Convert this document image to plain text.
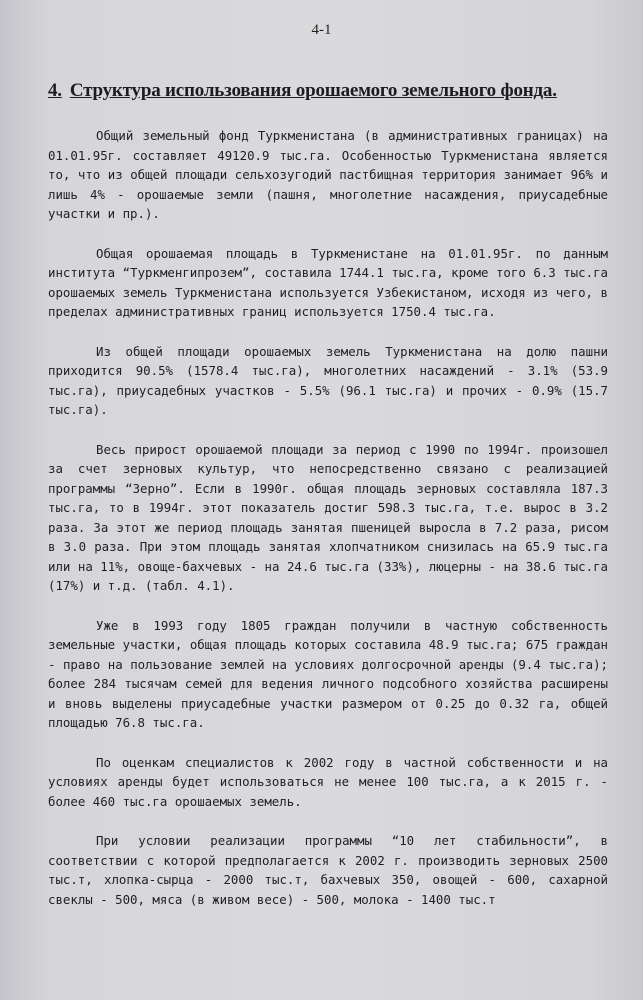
4-1
4. Структура использования орошаемого земельного фонда.

Общий земельный фонд Туркменистана (в административных границах) на 01.01.95г. составляет 49120.9 тыс.га. Особенностью Туркменистана является то, что из общей площади сельхозугодий пастбищная территория занимает 96% и лишь 4% - орошаемые земли (пашня, многолетние насаждения, приусадебные участки и пр.).

Общая орошаемая площадь в Туркменистане на 01.01.95г. по данным института “Туркменгипрозем”, составила 1744.1 тыс.га, кроме того 6.3 тыс.га орошаемых земель Туркменистана используется Узбекистаном, исходя из чего, в пределах административных границ используется 1750.4 тыс.га.

Из общей площади орошаемых земель Туркменистана на долю пашни приходится 90.5% (1578.4 тыс.га), многолетних насаждений - 3.1% (53.9 тыс.га), приусадебных участков - 5.5% (96.1 тыс.га) и прочих - 0.9% (15.7 тыс.га).

Весь прирост орошаемой площади за период с 1990 по 1994г. произошел за счет зерновых культур, что непосредственно связано с реализацией программы “Зерно”. Если в 1990г. общая площадь зерновых составляла 187.3 тыс.га, то в 1994г. этот показатель достиг 598.3 тыс.га, т.е. вырос в 3.2 раза. За этот же период площадь занятая пшеницей выросла в 7.2 раза, рисом в 3.0 раза. При этом площадь занятая хлопчатником снизилась на 65.9 тыс.га или на 11%, овоще-бахчевых - на 24.6 тыс.га (33%), люцерны - на 38.6 тыс.га (17%) и т.д. (табл. 4.1).

Уже в 1993 году 1805 граждан получили в частную собственность земельные участки, общая площадь которых составила 48.9 тыс.га; 675 граждан - право на пользование землей на условиях долгосрочной аренды (9.4 тыс.га); более 284 тысячам семей для ведения личного подсобного хозяйства расширены и вновь выделены приусадебные участки размером от 0.25 до 0.32 га, общей площадью 76.8 тыс.га.

По оценкам специалистов к 2002 году в частной собственности и на условиях аренды будет использоваться не менее 100 тыс.га, а к 2015 г. - более 460 тыс.га орошаемых земель.

При условии реализации программы “10 лет стабильности”, в соответствии с которой предполагается к 2002 г. производить зерновых 2500 тыс.т, хлопка-сырца - 2000 тыс.т, бахчевых 350, овощей - 600, сахарной свеклы - 500, мяса (в живом весе) - 500, молока - 1400 тыс.т
